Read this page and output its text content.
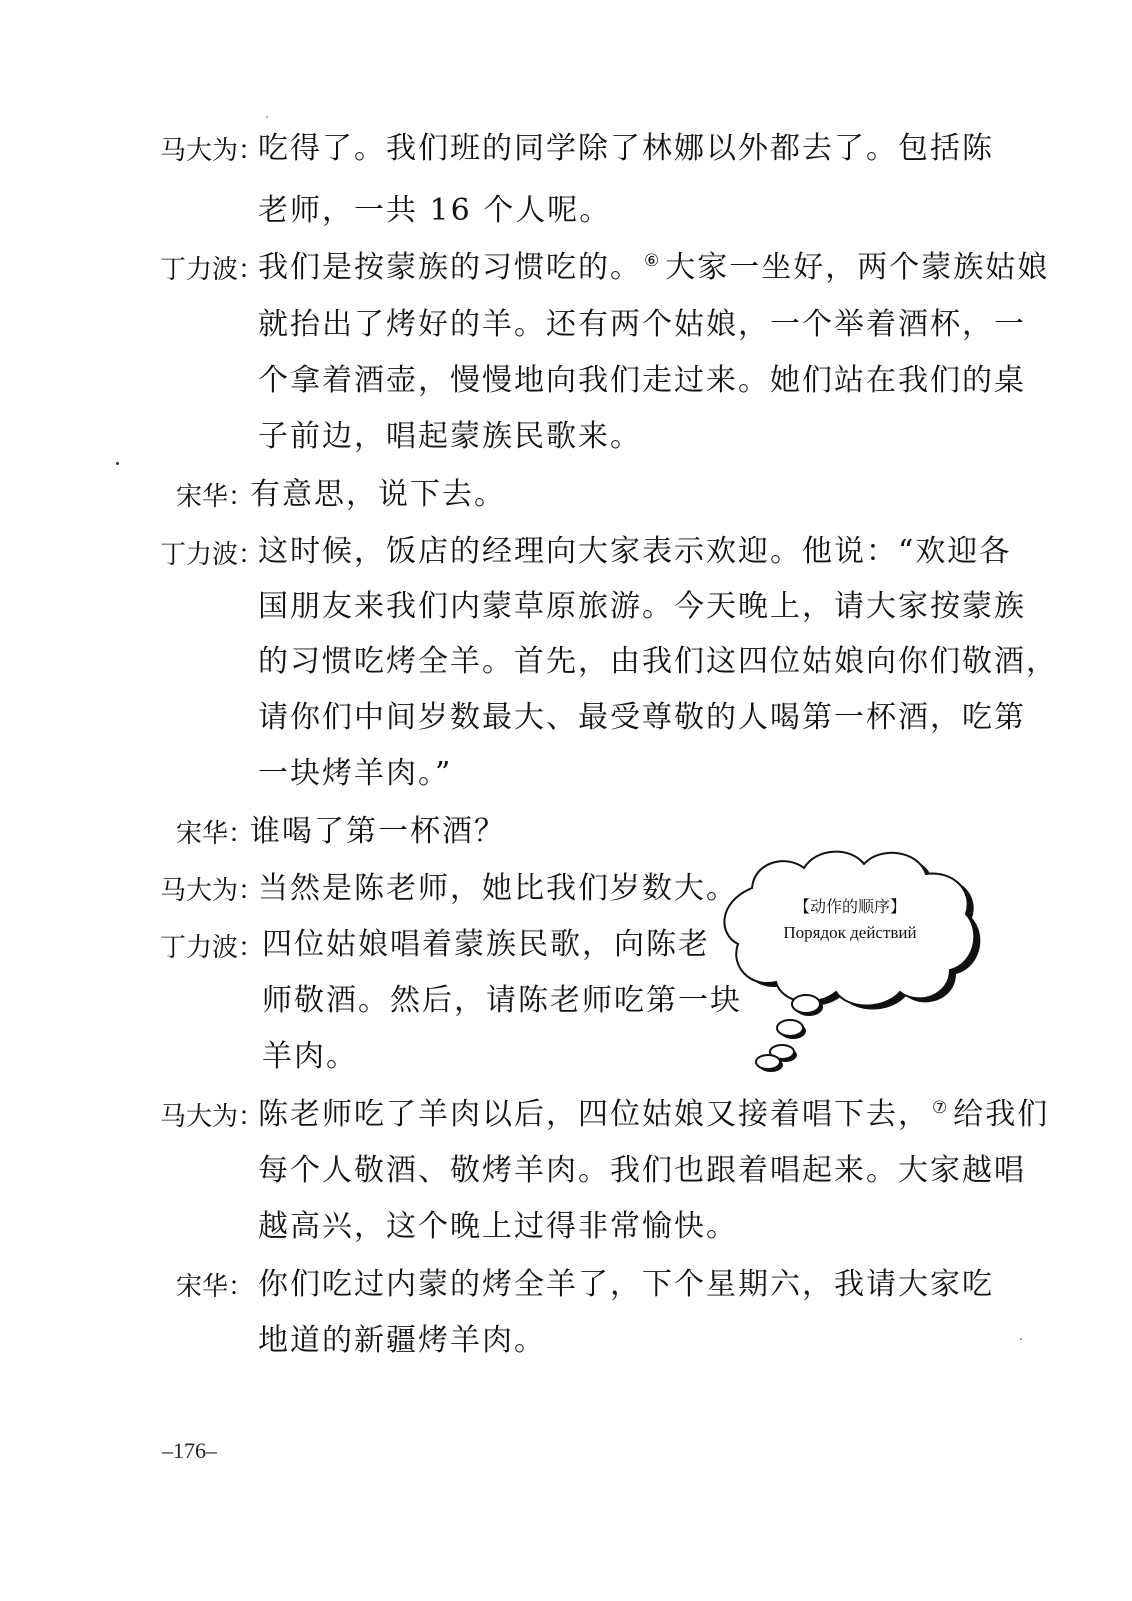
马大为：
吃得了。我们班的同学除了林娜以外都去了。包括陈
老师，一共 16 个人呢。
丁力波：
我们是按蒙族的习惯吃的。 ⑥ 大家一坐好，两个蒙族姑娘
就抬出了烤好的羊。还有两个姑娘，一个举着酒杯，一
个拿着酒壶，慢慢地向我们走过来。她们站在我们的桌
子前边，唱起蒙族民歌来。
宋华：
有意思，说下去。
丁力波：
这时候，饭店的经理向大家表示欢迎。他说：“欢迎各
国朋友来我们内蒙草原旅游。今天晚上，请大家按蒙族
的习惯吃烤全羊。首先，由我们这四位姑娘向你们敬酒，
请你们中间岁数最大、最受尊敬的人喝第一杯酒，吃第
一块烤羊肉。”
宋华：
谁喝了第一杯酒？
马大为：
当然是陈老师，她比我们岁数大。
丁力波：
四位姑娘唱着蒙族民歌，向陈老
师敬酒。然后，请陈老师吃第一块
羊肉。
马大为：
陈老师吃了羊肉以后，四位姑娘又接着唱下去， ⑦ 给我们
每个人敬酒、敬烤羊肉。我们也跟着唱起来。大家越唱
越高兴，这个晚上过得非常愉快。
宋华： 你们吃过内蒙的烤全羊了，下个星期六，我请大家吃
地道的新疆烤羊肉。
【动作的顺序】
Порядок действий
–176–
